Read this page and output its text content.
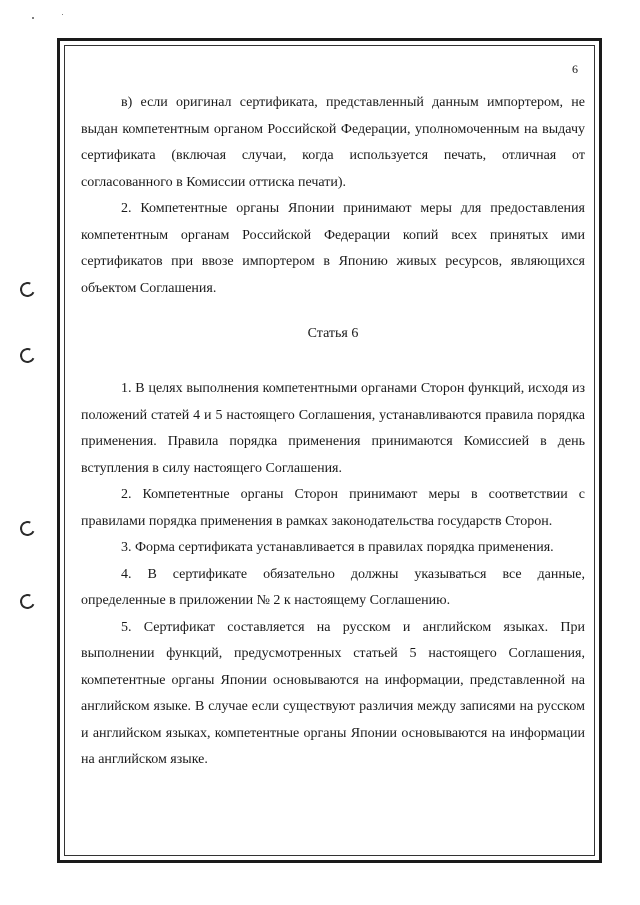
6

в) если оригинал сертификата, представленный данным импортером, не выдан компетентным органом Российской Федерации, уполномоченным на выдачу сертификата (включая случаи, когда используется печать, отличная от согласованного в Комиссии оттиска печати).

2. Компетентные органы Японии принимают меры для предоставления компетентным органам Российской Федерации копий всех принятых ими сертификатов при ввозе импортером в Японию живых ресурсов, являющихся объектом Соглашения.

Статья 6

1. В целях выполнения компетентными органами Сторон функций, исходя из положений статей 4 и 5 настоящего Соглашения, устанавливаются правила порядка применения. Правила порядка применения принимаются Комиссией в день вступления в силу настоящего Соглашения.

2. Компетентные органы Сторон принимают меры в соответствии с правилами порядка применения в рамках законодательства государств Сторон.

3. Форма сертификата устанавливается в правилах порядка применения.

4. В сертификате обязательно должны указываться все данные, определенные в приложении № 2 к настоящему Соглашению.

5. Сертификат составляется на русском и английском языках. При выполнении функций, предусмотренных статьей 5 настоящего Соглашения, компетентные органы Японии основываются на информации, представленной на английском языке. В случае если существуют различия между записями на русском и английском языках, компетентные органы Японии основываются на информации на английском языке.
